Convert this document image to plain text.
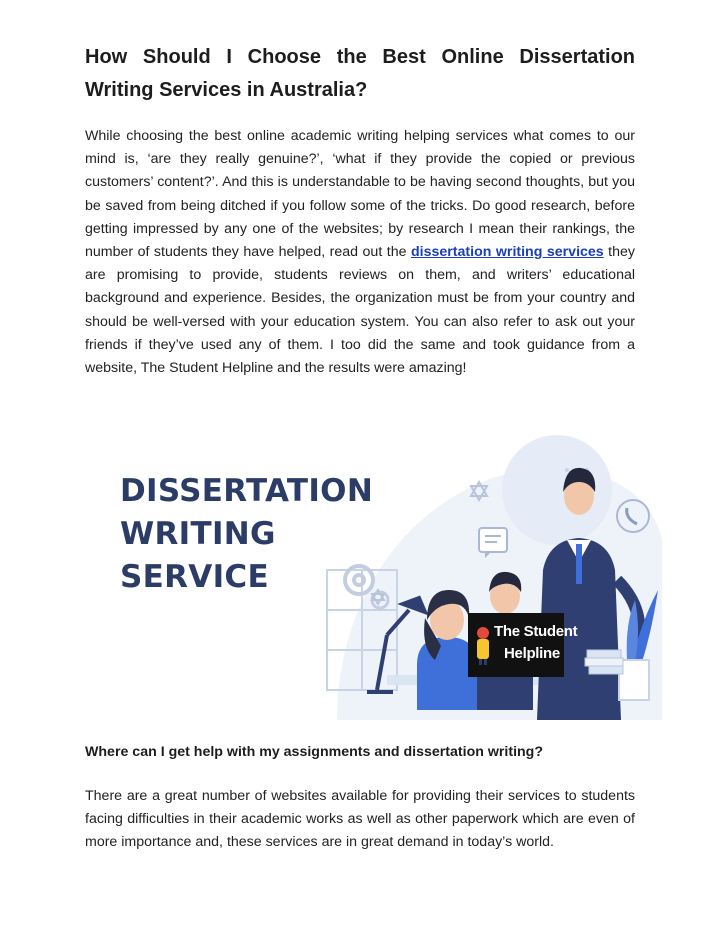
How Should I Choose the Best Online Dissertation Writing Services in Australia?

While choosing the best online academic writing helping services what comes to our mind is, ‘are they really genuine?’, ‘what if they provide the copied or previous customers’ content?’. And this is understandable to be having second thoughts, but you be saved from being ditched if you follow some of the tricks. Do good research, before getting impressed by any one of the websites; by research I mean their rankings, the number of students they have helped, read out the dissertation writing services they are promising to provide, students reviews on them, and writers’ educational background and experience. Besides, the organization must be from your country and should be well-versed with your education system. You can also refer to ask out your friends if they’ve used any of them. I too did the same and took guidance from a website, The Student Helpline and the results were amazing!

Where can I get help with my assignments and dissertation writing?

There are a great number of websites available for providing their services to students facing difficulties in their academic works as well as other paperwork which are even of more importance and, these services are in great demand in today’s world.

DISSERTATION
WRITING
SERVICE
The Student
Helpline
